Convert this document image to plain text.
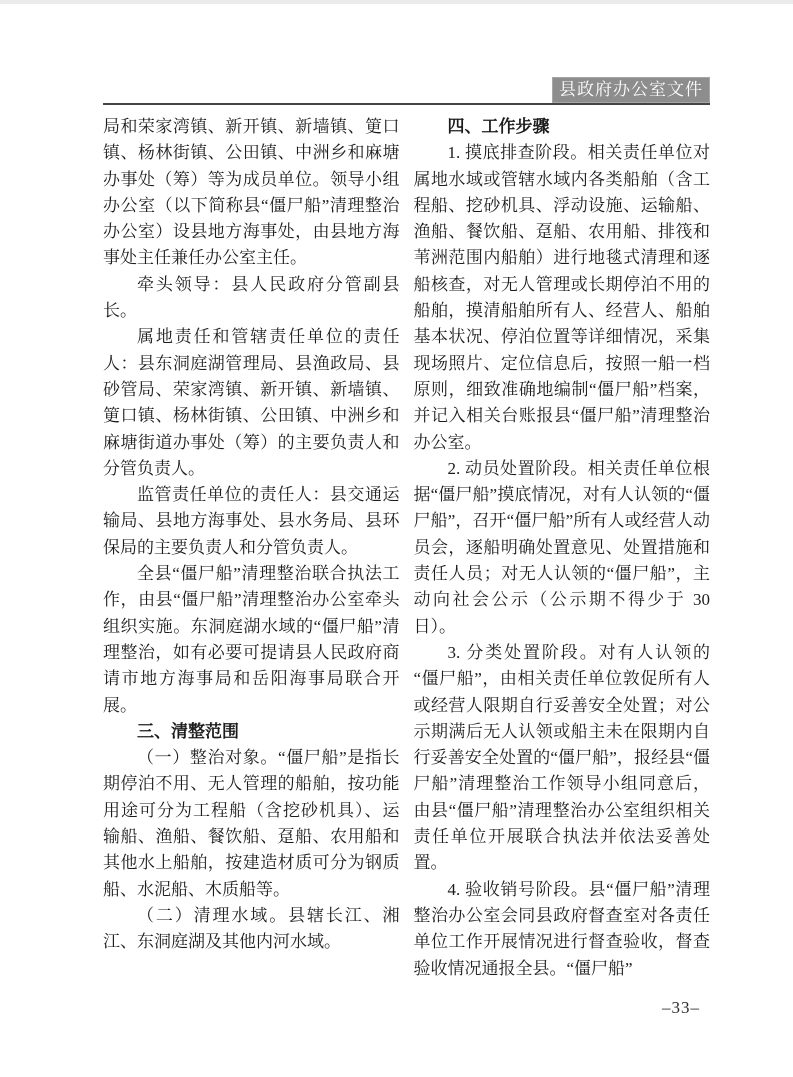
县政府办公室文件

局和荣家湾镇、新开镇、新墙镇、筻口镇、杨林街镇、公田镇、中洲乡和麻塘办事处（筹）等为成员单位。领导小组办公室（以下简称县“僵尸船”清理整治办公室）设县地方海事处，由县地方海事处主任兼任办公室主任。

牵头领导：县人民政府分管副县长。

属地责任和管辖责任单位的责任人：县东洞庭湖管理局、县渔政局、县砂管局、荣家湾镇、新开镇、新墙镇、筻口镇、杨林街镇、公田镇、中洲乡和麻塘街道办事处（筹）的主要负责人和分管负责人。

监管责任单位的责任人：县交通运输局、县地方海事处、县水务局、县环保局的主要负责人和分管负责人。

全县“僵尸船”清理整治联合执法工作，由县“僵尸船”清理整治办公室牵头组织实施。东洞庭湖水域的“僵尸船”清理整治，如有必要可提请县人民政府商请市地方海事局和岳阳海事局联合开展。

三、清整范围

（一）整治对象。“僵尸船”是指长期停泊不用、无人管理的船舶，按功能用途可分为工程船（含挖砂机具）、运输船、渔船、餐饮船、趸船、农用船和其他水上船舶，按建造材质可分为钢质船、水泥船、木质船等。

（二）清理水域。县辖长江、湘江、东洞庭湖及其他内河水域。

四、工作步骤

1. 摸底排查阶段。相关责任单位对属地水域或管辖水域内各类船舶（含工程船、挖砂机具、浮动设施、运输船、渔船、餐饮船、趸船、农用船、排筏和苇洲范围内船舶）进行地毯式清理和逐船核查，对无人管理或长期停泊不用的船舶，摸清船舶所有人、经营人、船舶基本状况、停泊位置等详细情况，采集现场照片、定位信息后，按照一船一档原则，细致准确地编制“僵尸船”档案，并记入相关台账报县“僵尸船”清理整治办公室。

2. 动员处置阶段。相关责任单位根据“僵尸船”摸底情况，对有人认领的“僵尸船”，召开“僵尸船”所有人或经营人动员会，逐船明确处置意见、处置措施和责任人员；对无人认领的“僵尸船”，主动向社会公示（公示期不得少于 30 日）。

3. 分类处置阶段。对有人认领的“僵尸船”，由相关责任单位敦促所有人或经营人限期自行妥善安全处置；对公示期满后无人认领或船主未在限期内自行妥善安全处置的“僵尸船”，报经县“僵尸船”清理整治工作领导小组同意后，由县“僵尸船”清理整治办公室组织相关责任单位开展联合执法并依法妥善处置。

4. 验收销号阶段。县“僵尸船”清理整治办公室会同县政府督查室对各责任单位工作开展情况进行督查验收，督查验收情况通报全县。“僵尸船”

–33–
